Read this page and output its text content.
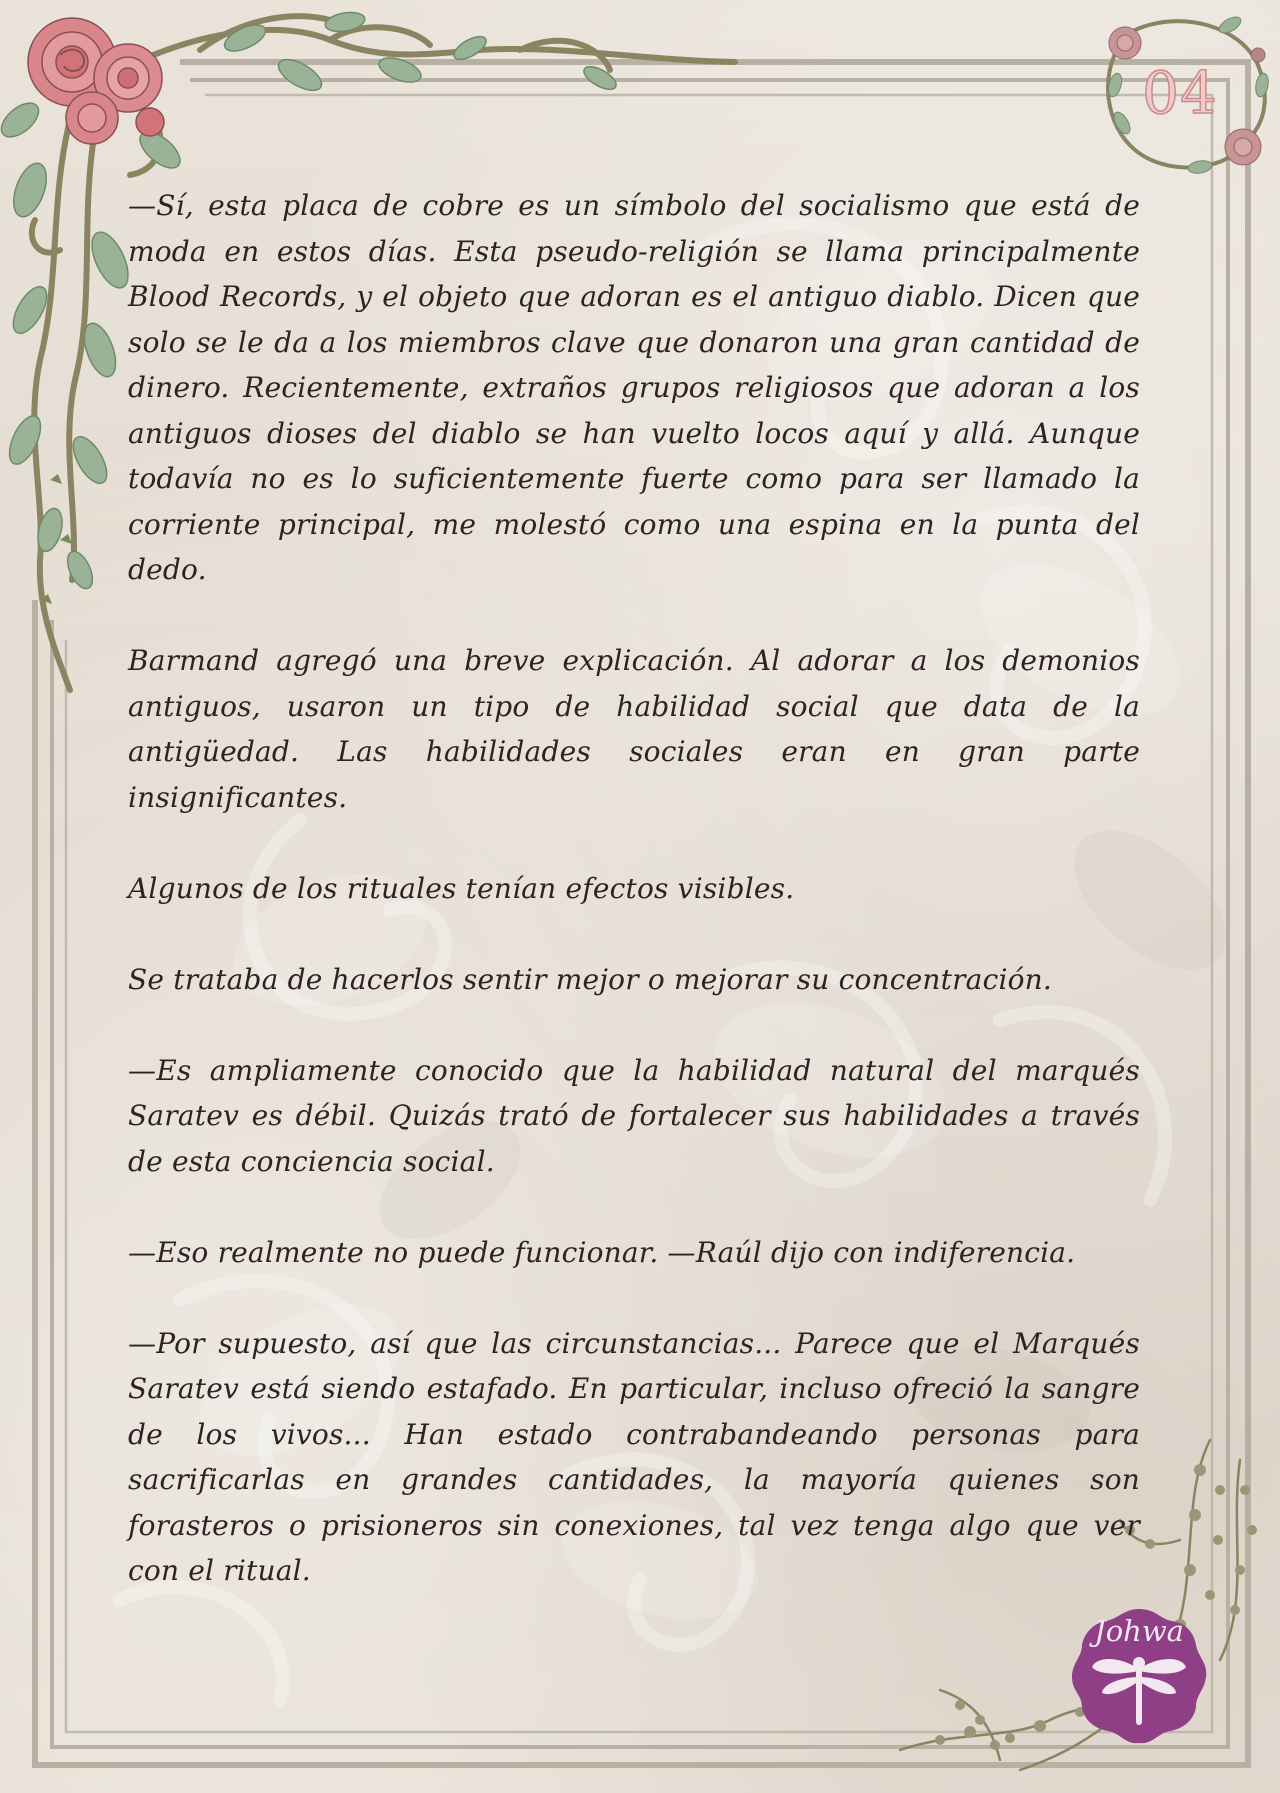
04
Johwa

—Sí, esta placa de cobre es un símbolo del socialismo que está de moda en estos días. Esta pseudo-religión se llama principalmente Blood Records, y el objeto que adoran es el antiguo diablo. Dicen que solo se le da a los miembros clave que donaron una gran cantidad de dinero. Recientemente, extraños grupos religiosos que adoran a los antiguos dioses del diablo se han vuelto locos aquí y allá. Aunque todavía no es lo suficientemente fuerte como para ser llamado la corriente principal, me molestó como una espina en la punta del dedo.

Barmand agregó una breve explicación. Al adorar a los demonios antiguos, usaron un tipo de habilidad social que data de la antigüedad. Las habilidades sociales eran en gran parte insignificantes.

Algunos de los rituales tenían efectos visibles.

Se trataba de hacerlos sentir mejor o mejorar su concentración.

—Es ampliamente conocido que la habilidad natural del marqués Saratev es débil. Quizás trató de fortalecer sus habilidades a través de esta conciencia social.

—Eso realmente no puede funcionar. —Raúl dijo con indiferencia.

—Por supuesto, así que las circunstancias... Parece que el Marqués Saratev está siendo estafado. En particular, incluso ofreció la sangre de los vivos... Han estado contrabandeando personas para sacrificarlas en grandes cantidades, la mayoría quienes son forasteros o prisioneros sin conexiones, tal vez tenga algo que ver con el ritual.
